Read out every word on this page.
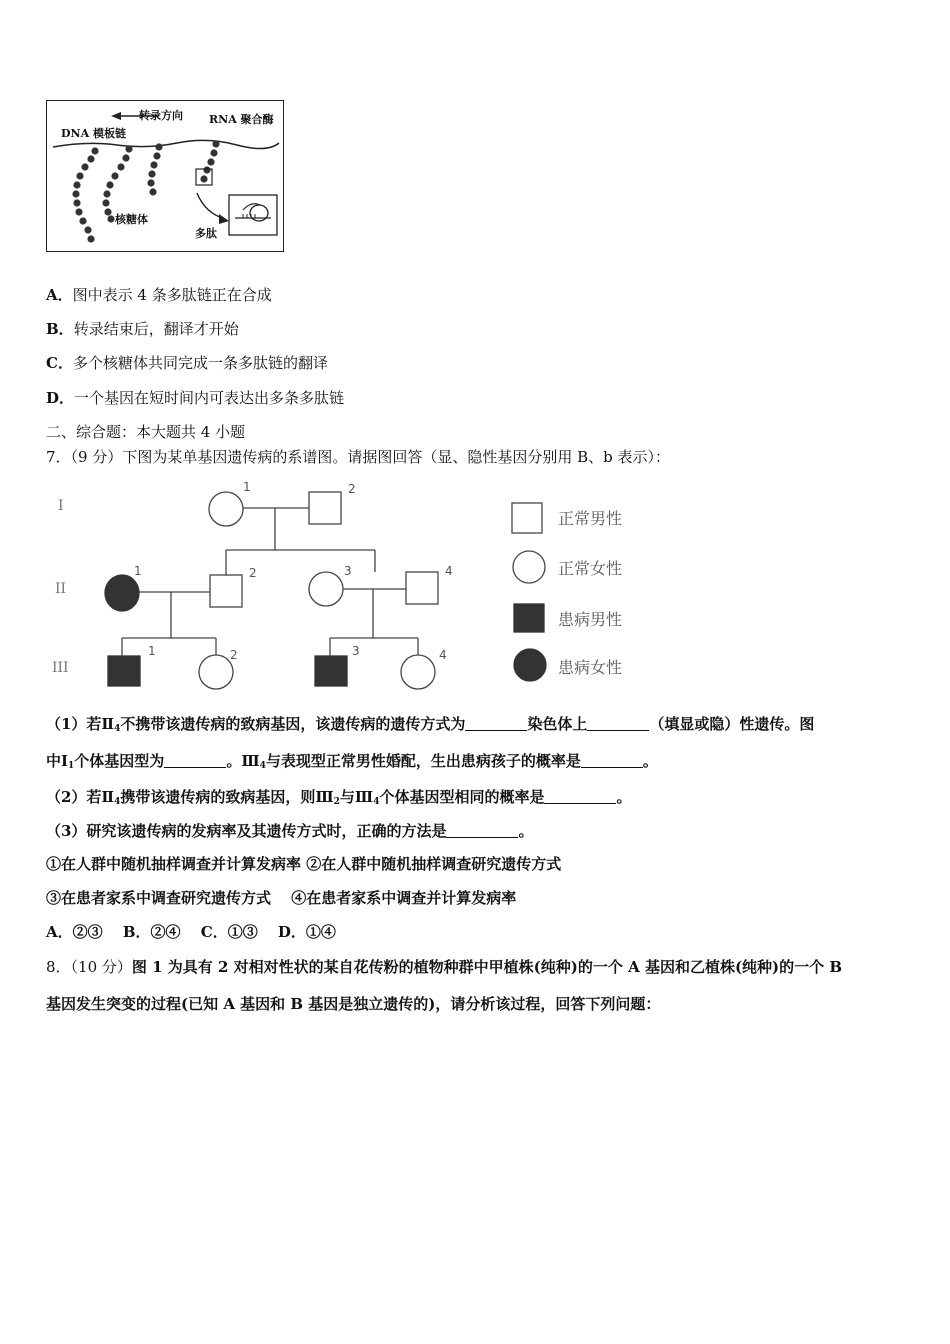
转录方向 RNA 聚合酶
DNA 模板链
核糖体
多肽
A．图中表示 4 条多肽链正在合成
B．转录结束后，翻译才开始
C．多个核糖体共同完成一条多肽链的翻译
D．一个基因在短时间内可表达出多条多肽链
二、综合题：本大题共 4 小题
7．（9 分）下图为某单基因遗传病的系谱图。请据图回答（显、隐性基因分别用 B、b 表示）：
I
II
III
1	2
1	2	3	4
1	2	3	4
正常男性
正常女性
患病男性
患病女性
（1）若$Ⅱ_4$不携带该遗传病的致病基因，该遗传病的遗传方式为	染色体上	（填显或隐）性遗传。图
中$Ⅰ_1$个体基因型为	。$Ⅲ_4$与表现型正常男性婚配，生出患病孩子的概率是	。
（2）若$Ⅱ_4$携带该遗传病的致病基因，则$Ⅲ_2$与$Ⅲ_4$个体基因型相同的概率是	。
（3）研究该遗传病的发病率及其遗传方式时，正确的方法是	。
①在人群中随机抽样调查并计算发病率 ②在人群中随机抽样调查研究遗传方式
③在患者家系中调查研究遗传方式　 ④在患者家系中调查并计算发病率
A．②③　 B．②④　 C．①③　 D．①④
8．（10 分）图 1 为具有 2 对相对性状的某自花传粉的植物种群中甲植株(纯种)的一个 A 基因和乙植株(纯种)的一个 B
基因发生突变的过程(已知 A 基因和 B 基因是独立遗传的)，请分析该过程，回答下列问题：
